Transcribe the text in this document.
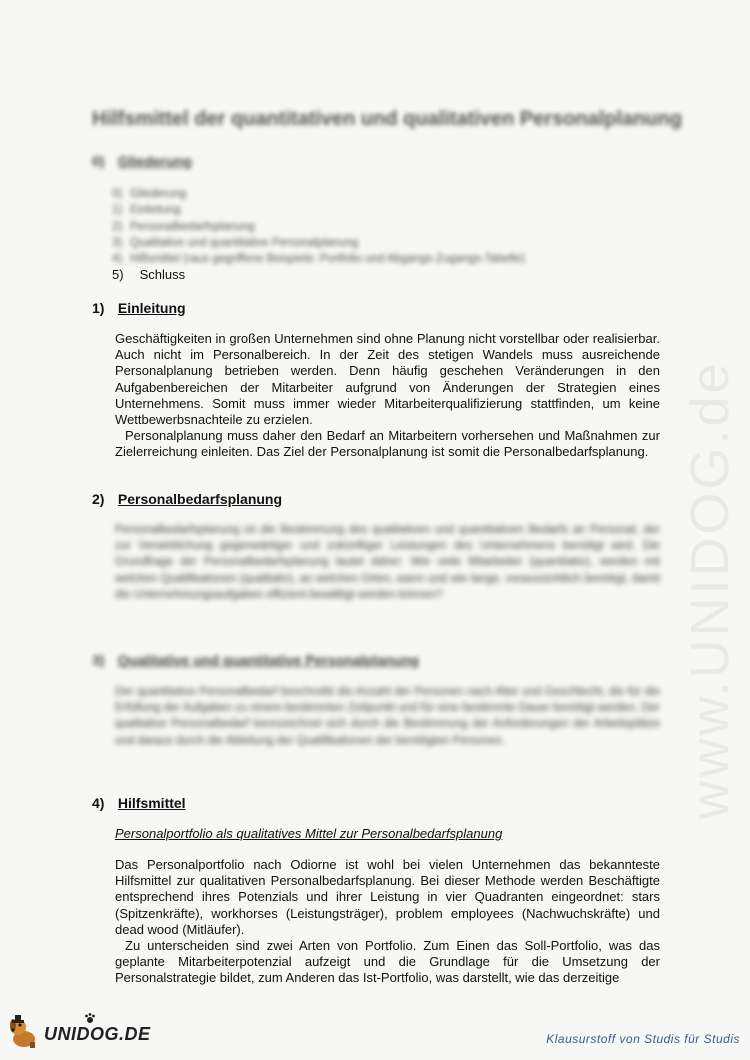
www.UNIDOG.de
Hilfsmittel der quantitativen und qualitativen Personalplanung
0) Gliederung
0) Gliederung
1) Einleitung
2) Personalbedarfsplanung
3) Qualitative und quantitative Personalplanung
4) Hilfsmittel (raus gegriffene Beispiele: Portfolio und Abgangs-Zugangs-Tabelle)
5) Schluss
1) Einleitung

Geschäftigkeiten in großen Unternehmen sind ohne Planung nicht vorstellbar oder realisierbar. Auch nicht im Personalbereich. In der Zeit des stetigen Wandels muss ausreichende Personalplanung betrieben werden. Denn häufig geschehen Veränderungen in den Aufgabenbereichen der Mitarbeiter aufgrund von Änderungen der Strategien eines Unternehmens. Somit muss immer wieder Mitarbeiterqualifizierung stattfinden, um keine Wettbewerbsnachteile zu erzielen.

Personalplanung muss daher den Bedarf an Mitarbeitern vorhersehen und Maßnahmen zur Zielerreichung einleiten. Das Ziel der Personalplanung ist somit die Personalbedarfsplanung.

2) Personalbedarfsplanung

Personalbedarfsplanung ist die Bestimmung des qualitativen und quantitativen Bedarfs an Personal, der zur Verwirklichung gegenwärtiger und zukünftiger Leistungen des Unternehmens benötigt wird. Die Grundfrage der Personalbedarfsplanung lautet daher: Wie viele Mitarbeiter (quantitativ), werden mit welchen Qualifikationen (qualitativ), an welchen Orten, wann und wie lange, voraussichtlich benötigt, damit die Unternehmungsaufgaben effizient bewältigt werden können?

3) Qualitative und quantitative Personalplanung

Der quantitative Personalbedarf beschreibt die Anzahl der Personen nach Alter und Geschlecht, die für die Erfüllung der Aufgaben zu einem bestimmten Zeitpunkt und für eine bestimmte Dauer benötigt werden. Der qualitative Personalbedarf kennzeichnet sich durch die Bestimmung der Anforderungen der Arbeitsplätze und daraus durch die Ableitung der Qualifikationen der benötigten Personen.

4) Hilfsmittel
Personalportfolio als qualitatives Mittel zur Personalbedarfsplanung

Das Personalportfolio nach Odiorne ist wohl bei vielen Unternehmen das bekannteste Hilfsmittel zur qualitativen Personalbedarfsplanung. Bei dieser Methode werden Beschäftigte entsprechend ihres Potenzials und ihrer Leistung in vier Quadranten eingeordnet: stars (Spitzenkräfte), workhorses (Leistungsträger), problem employees (Nachwuchskräfte) und dead wood (Mitläufer).

Zu unterscheiden sind zwei Arten von Portfolio. Zum Einen das Soll-Portfolio, was das geplante Mitarbeiterpotenzial aufzeigt und die Grundlage für die Umsetzung der Personalstrategie bildet, zum Anderen das Ist-Portfolio, was darstellt, wie das derzeitige

UNIDOG.DE	Klausurstoff von Studis für Studis
